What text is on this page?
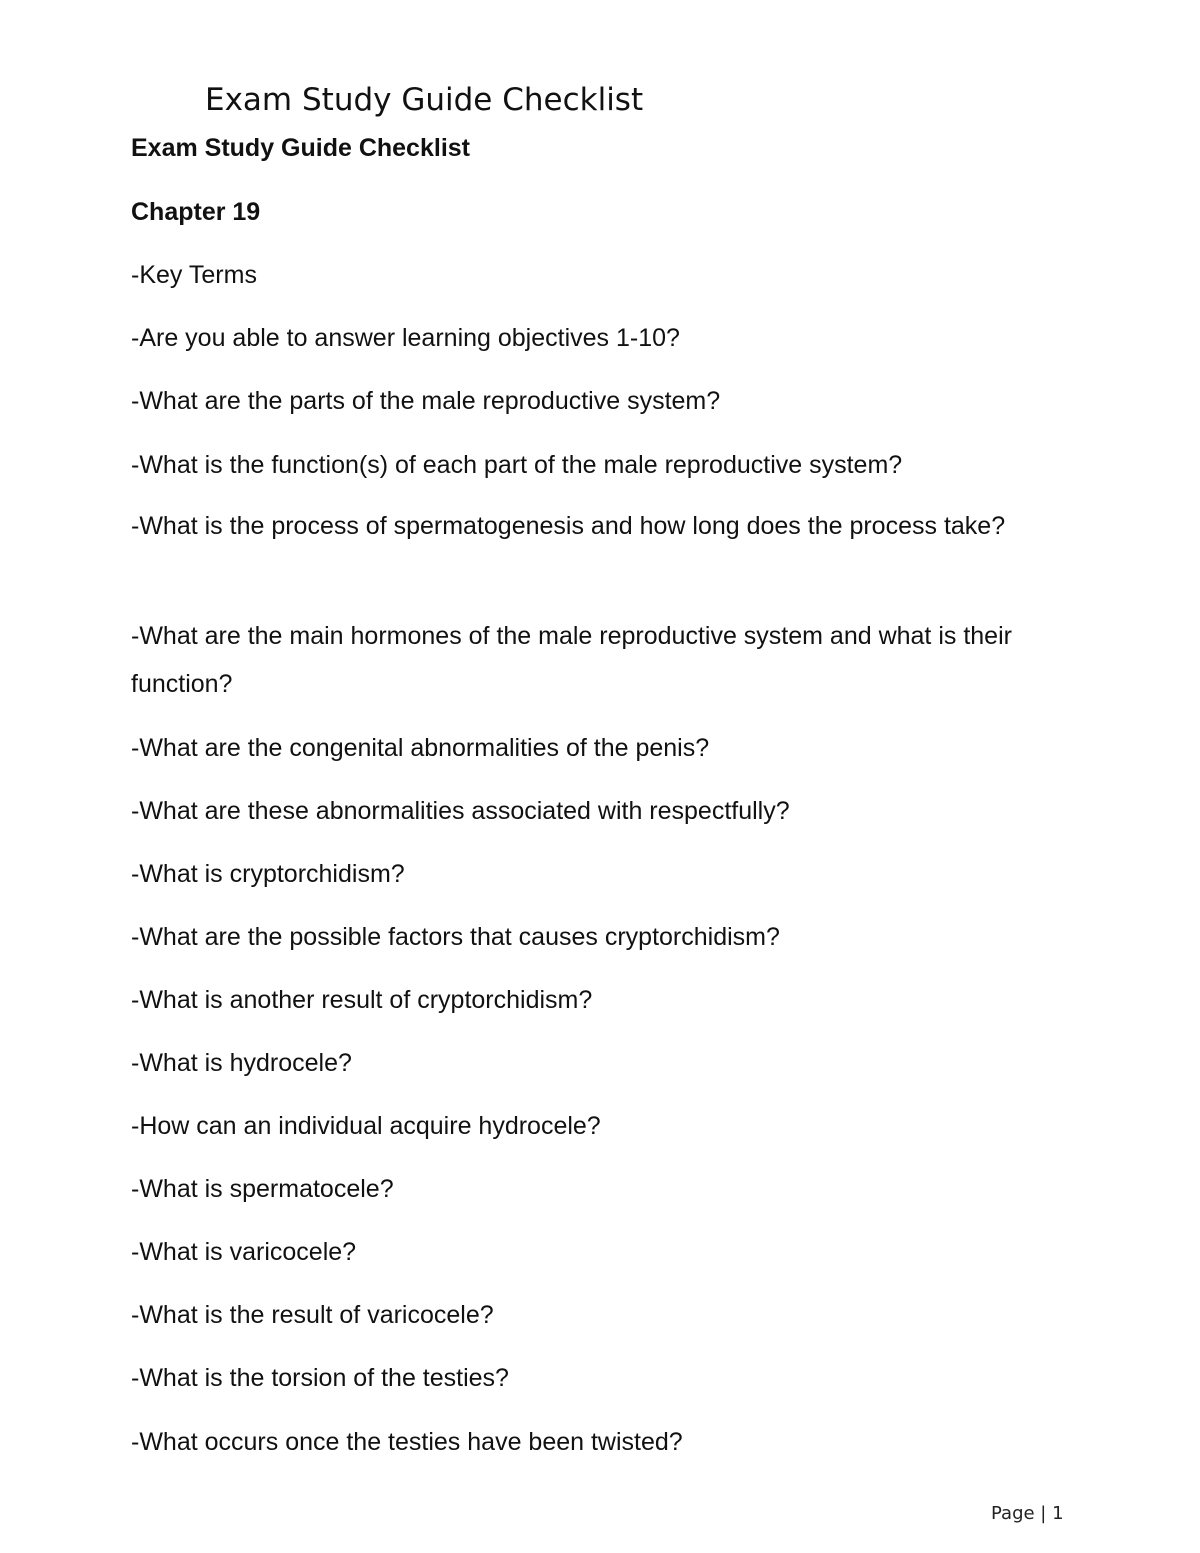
Exam Study Guide Checklist
Exam Study Guide Checklist
Chapter 19
-Key Terms
-Are you able to answer learning objectives 1-10?
-What are the parts of the male reproductive system?
-What is the function(s) of each part of the male reproductive system?
-What is the process of spermatogenesis and how long does the process take?
-What are the main hormones of the male reproductive system and what is their function?
-What are the congenital abnormalities of the penis?
-What are these abnormalities associated with respectfully?
-What is cryptorchidism?
-What are the possible factors that causes cryptorchidism?
-What is another result of cryptorchidism?
-What is hydrocele?
-How can an individual acquire hydrocele?
-What is spermatocele?
-What is varicocele?
-What is the result of varicocele?
-What is the torsion of the testies?
-What occurs once the testies have been twisted?
Page | 1
